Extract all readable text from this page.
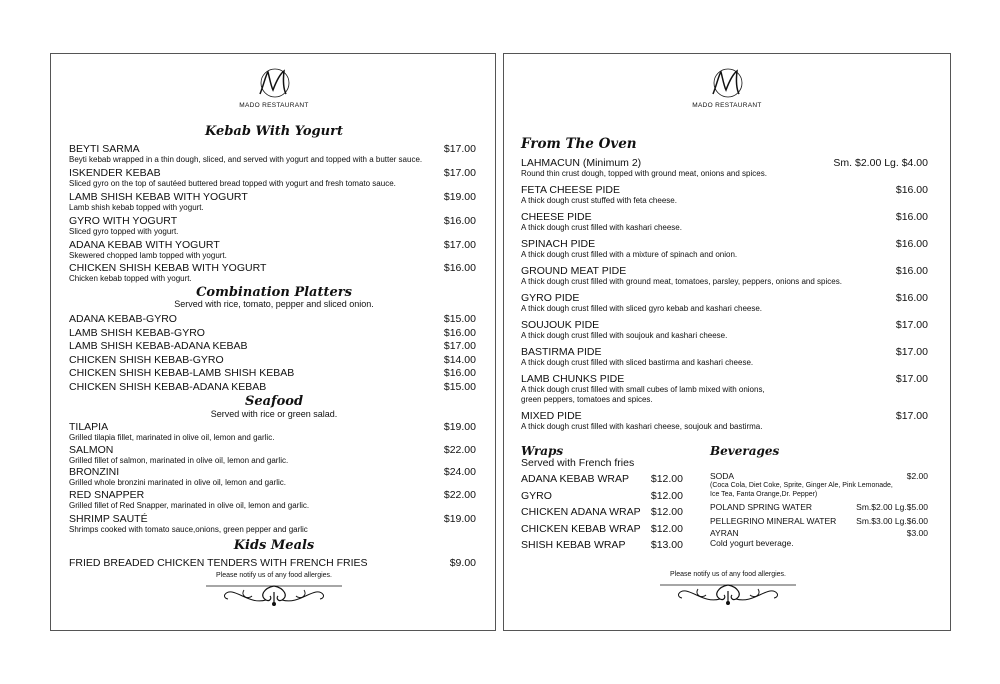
MADO RESTAURANT
Kebab With Yogurt
BEYTI SARMA	$17.00
Beyti kebab wrapped in a thin dough, sliced, and served with yogurt and topped with a butter sauce.
ISKENDER KEBAB	$17.00
Sliced gyro on the top of sautéed buttered bread topped with yogurt and fresh tomato sauce.
LAMB SHISH KEBAB WITH YOGURT	$19.00
Lamb shish kebab topped with yogurt.
GYRO WITH YOGURT	$16.00
Sliced gyro topped with yogurt.
ADANA KEBAB WITH YOGURT	$17.00
Skewered chopped lamb topped with yogurt.
CHICKEN SHISH KEBAB WITH YOGURT	$16.00
Chicken kebab topped with yogurt.
Combination Platters
Served with rice, tomato, pepper and sliced onion.
ADANA KEBAB-GYRO	$15.00
LAMB SHISH KEBAB-GYRO	$16.00
LAMB SHISH KEBAB-ADANA KEBAB	$17.00
CHICKEN SHISH KEBAB-GYRO	$14.00
CHICKEN SHISH KEBAB-LAMB SHISH KEBAB	$16.00
CHICKEN SHISH KEBAB-ADANA KEBAB	$15.00
Seafood
Served with rice or green salad.
TILAPIA	$19.00
Grilled tilapia fillet, marinated in olive oil, lemon and garlic.
SALMON	$22.00
Grilled fillet of salmon, marinated in olive oil, lemon and garlic.
BRONZINI	$24.00
Grilled whole bronzini marinated in olive oil, lemon and garlic.
RED SNAPPER	$22.00
Grilled fillet of Red Snapper, marinated in olive oil, lemon and garlic.
SHRIMP SAUTÉ	$19.00
Shrimps cooked with tomato sauce,onions, green pepper and garlic
Kids Meals
FRIED BREADED CHICKEN TENDERS WITH FRENCH FRIES	$9.00
Please notify us of any food allergies.
MADO RESTAURANT
From The Oven
LAHMACUN (Minimum 2)	Sm. $2.00 Lg. $4.00
Round thin crust dough, topped with ground meat, onions and spices.
FETA CHEESE PIDE	$16.00
A thick dough crust stuffed with feta cheese.
CHEESE PIDE	$16.00
A thick dough crust filled with kashari cheese.
SPINACH PIDE	$16.00
A thick dough crust filled with a mixture of spinach and onion.
GROUND MEAT PIDE	$16.00
A thick dough crust filled with ground meat, tomatoes, parsley, peppers, onions and spices.
GYRO PIDE	$16.00
A thick dough crust filled with sliced gyro kebab and kashari cheese.
SOUJOUK PIDE	$17.00
A thick dough crust filled with soujouk and kashari cheese.
BASTIRMA PIDE	$17.00
A thick dough crust filled with sliced bastirma and kashari cheese.
LAMB CHUNKS PIDE	$17.00
A thick dough crust filled with small cubes of lamb mixed with onions,
green peppers, tomatoes and spices.
MIXED PIDE	$17.00
A thick dough crust filled with kashari cheese, soujouk and bastirma.
Wraps
Served with French fries
ADANA KEBAB WRAP $12.00
GYRO	$12.00
CHICKEN ADANA WRAP $12.00
CHICKEN KEBAB WRAP $12.00
SHISH KEBAB WRAP $13.00
Beverages
SODA	$2.00
(Coca Cola, Diet Coke, Sprite, Ginger Ale, Pink Lemonade,
Ice Tea, Fanta Orange,Dr. Pepper)
POLAND SPRING WATER	Sm.$2.00 Lg.$5.00
PELLEGRINO MINERAL WATER Sm.$3.00 Lg.$6.00
AYRAN	$3.00
Cold yogurt beverage.
Please notify us of any food allergies.
